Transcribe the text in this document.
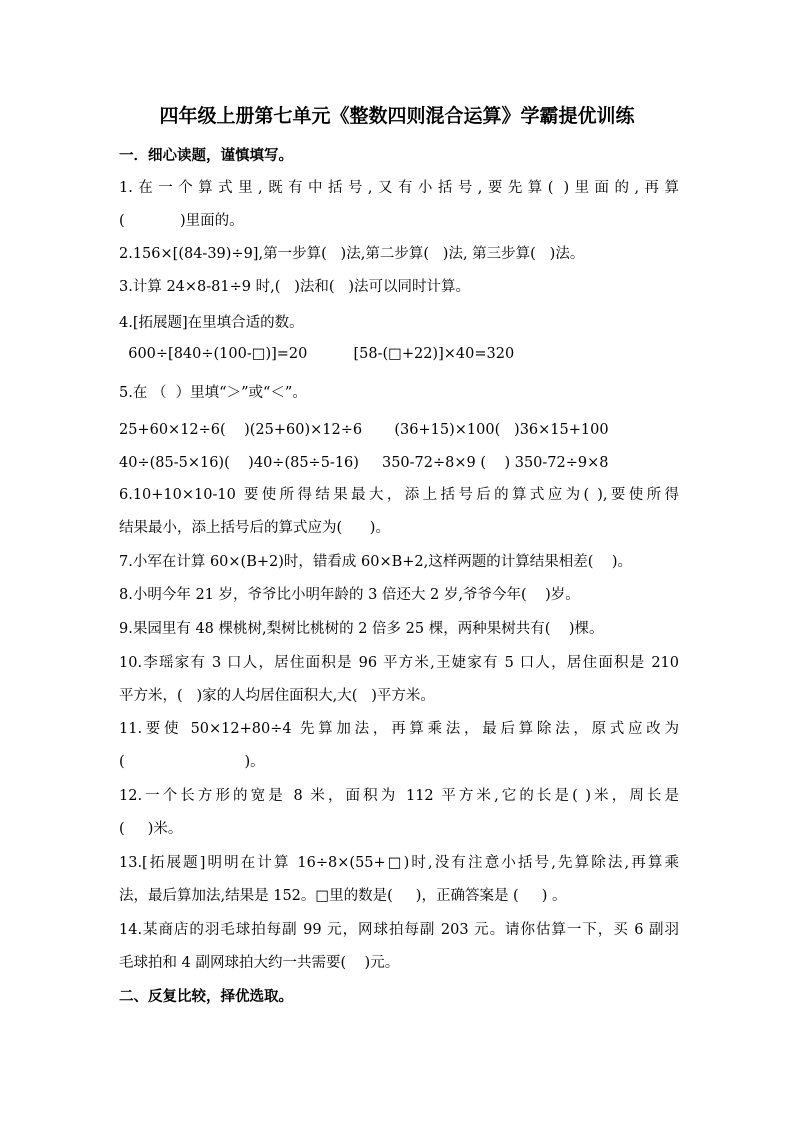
四年级上册第七单元《整数四则混合运算》学霸提优训练
一．细心读题，谨慎填写。
1.在一个算式里,既有中括号,又有小括号,要先算( )里面的,再算
(            )里面的。
2.156×[(84-39)÷9],第一步算(   )法,第二步算(   )法, 第三步算(   )法。
3.计算 24×8-81÷9 时,(   )法和(   )法可以同时计算。
4.[拓展题]在里填合适的数。
600÷[840÷(100-□)]=20          [58-(□+22)]×40=320
5.在 （  ）里填“＞”或“＜”。
25+60×12÷6(    )(25+60)×12÷6       (36+15)×100(   )36×15+100
40÷(85-5×16)(    )40÷(85÷5-16)     350-72÷8×9 (    ) 350-72÷9×8
6.10+10×10-10 要使所得结果最大，添上括号后的算式应为( ),要使所得
结果最小，添上括号后的算式应为(      )。
7.小军在计算 60×(B+2)时，错看成 60×B+2,这样两题的计算结果相差(    )。
8.小明今年 21 岁，爷爷比小明年龄的 3 倍还大 2 岁,爷爷今年(    )岁。
9.果园里有 48 棵桃树,梨树比桃树的 2 倍多 25 棵，两种果树共有(    )棵。
10.李瑶家有 3 口人，居住面积是 96 平方米,王婕家有 5 口人，居住面积是 210
平方米，(   )家的人均居住面积大,大(   )平方米。
11.要使 50×12+80÷4 先算加法，再算乘法，最后算除法，原式应改为
(                          )。
12.一个长方形的宽是 8 米，面积为 112 平方米,它的长是( )米，周长是
(     )米。
13.[拓展题]明明在计算 16÷8×(55+□)时,没有注意小括号,先算除法,再算乘
法，最后算加法,结果是 152。□里的数是(     )，正确答案是 (     ) 。
14.某商店的羽毛球拍每副 99 元，网球拍每副 203 元。请你估算一下，买 6 副羽
毛球拍和 4 副网球拍大约一共需要(    )元。
二、反复比较，择优选取。
